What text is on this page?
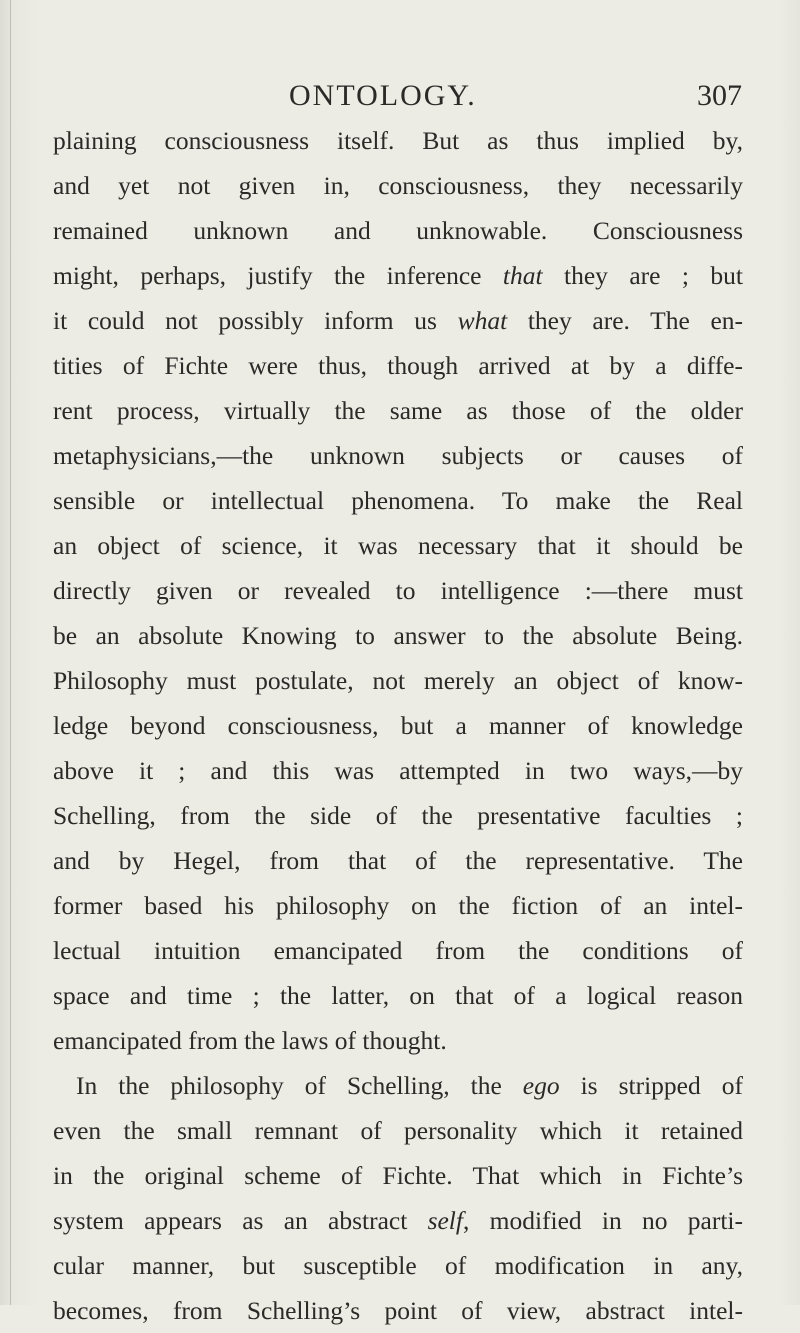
ONTOLOGY.	307
plaining consciousness itself. But as thus implied by,
and yet not given in, consciousness, they necessarily
remained unknown and unknowable. Consciousness
might, perhaps, justify the inference that they are ; but
it could not possibly inform us what they are. The en-
tities of Fichte were thus, though arrived at by a diffe-
rent process, virtually the same as those of the older
metaphysicians,—the unknown subjects or causes of
sensible or intellectual phenomena. To make the Real
an object of science, it was necessary that it should be
directly given or revealed to intelligence :—there must
be an absolute Knowing to answer to the absolute Being.
Philosophy must postulate, not merely an object of know-
ledge beyond consciousness, but a manner of knowledge
above it ; and this was attempted in two ways,—by
Schelling, from the side of the presentative faculties ;
and by Hegel, from that of the representative. The
former based his philosophy on the fiction of an intel-
lectual intuition emancipated from the conditions of
space and time ; the latter, on that of a logical reason
emancipated from the laws of thought.
In the philosophy of Schelling, the ego is stripped of
even the small remnant of personality which it retained
in the original scheme of Fichte. That which in Fichte’s
system appears as an abstract self, modified in no parti-
cular manner, but susceptible of modification in any,
becomes, from Schelling’s point of view, abstract intel-
